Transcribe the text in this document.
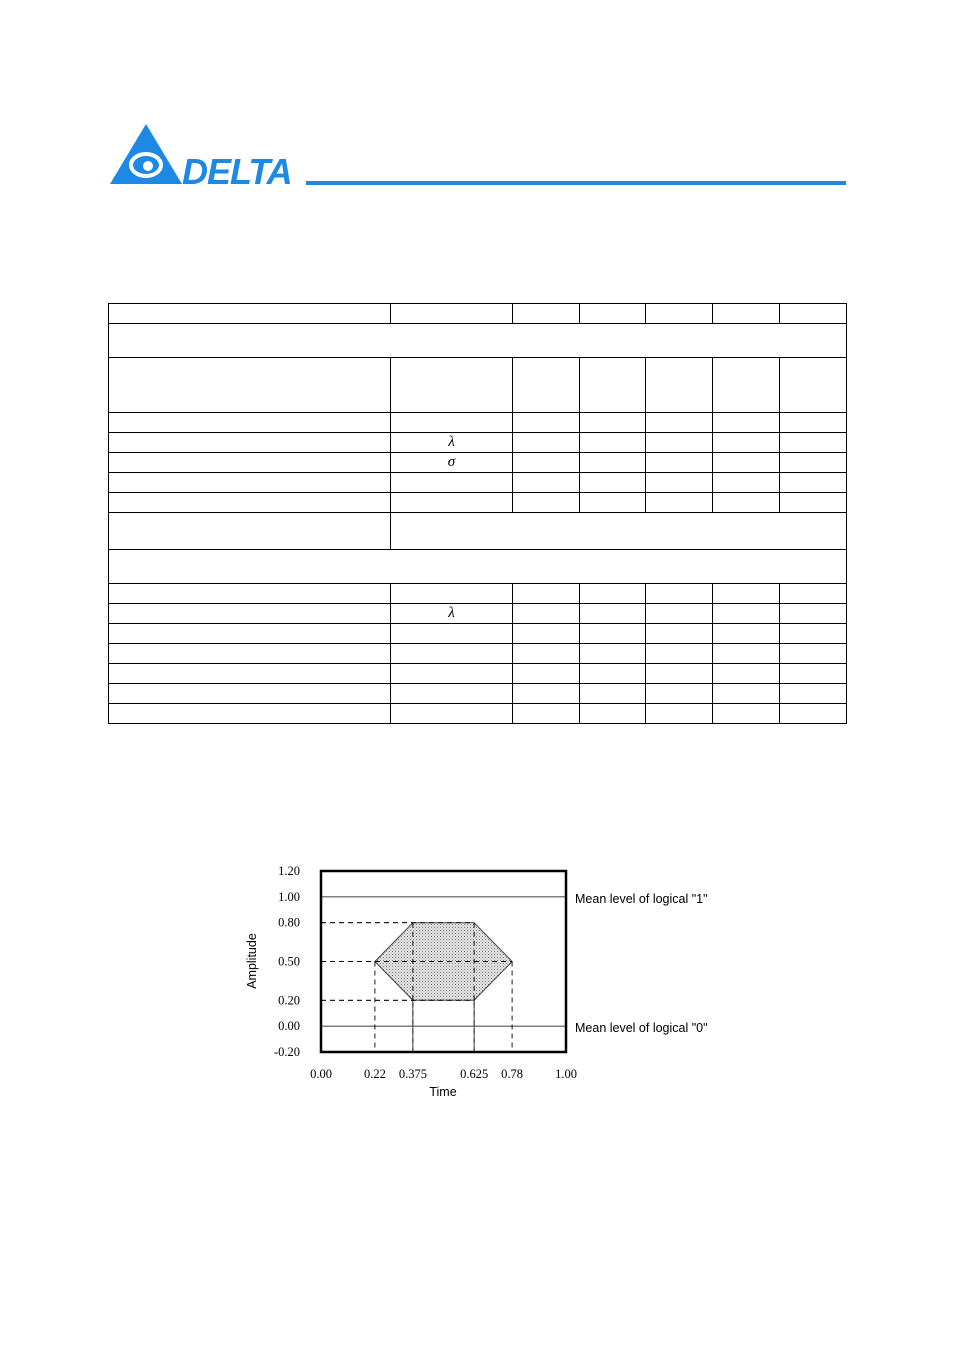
DELTA

	λ					
	σ					

	λ					

Mean level of logical "1"
Mean level of logical "0"
1.20
1.00
0.80
0.50
0.20
0.00
-0.20
0.00	0.22 0.375	0.625 0.78	1.00
Time
Amplitude
